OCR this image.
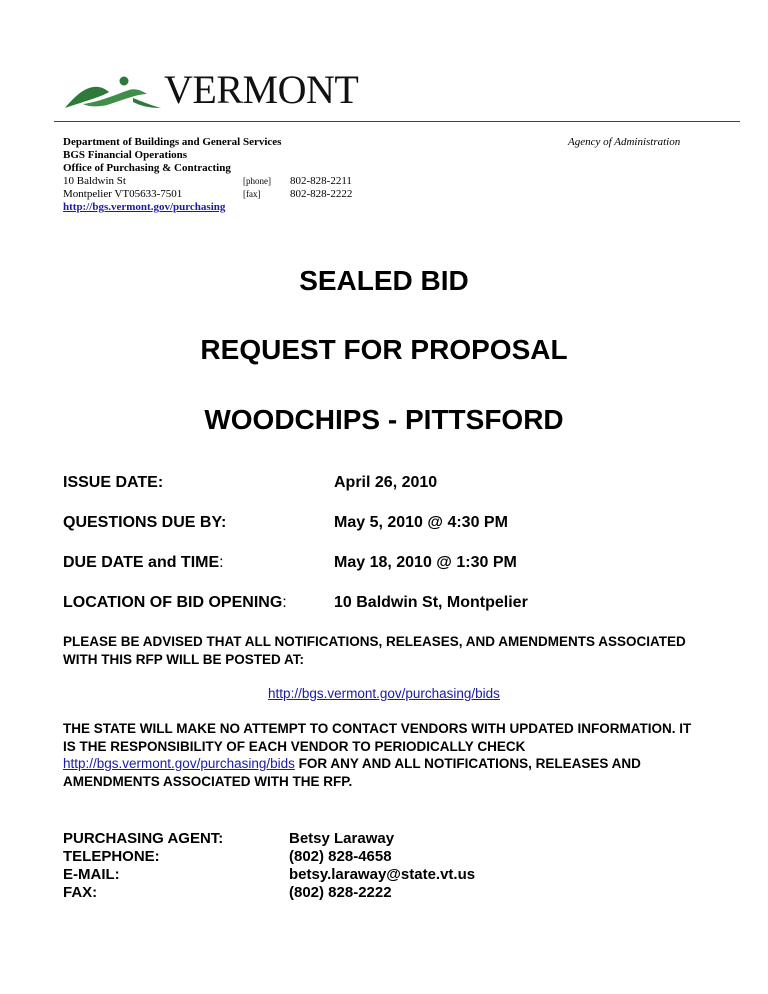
VERMONT
Department of Buildings and General Services
BGS Financial Operations
Office of Purchasing & Contracting
10 Baldwin St	[phone] 802-828-2211
Montpelier VT05633-7501	[fax]	802-828-2222
http://bgs.vermont.gov/purchasing
Agency of Administration
SEALED BID
REQUEST FOR PROPOSAL
WOODCHIPS - PITTSFORD
ISSUE DATE:	April 26, 2010
QUESTIONS DUE BY:	May 5, 2010 @ 4:30 PM
DUE DATE and TIME:	May 18, 2010 @ 1:30 PM
LOCATION OF BID OPENING:	10 Baldwin St, Montpelier
PLEASE BE ADVISED THAT ALL NOTIFICATIONS, RELEASES, AND AMENDMENTS ASSOCIATED WITH THIS RFP WILL BE POSTED AT:
http://bgs.vermont.gov/purchasing/bids
THE STATE WILL MAKE NO ATTEMPT TO CONTACT VENDORS WITH UPDATED INFORMATION. IT IS THE RESPONSIBILITY OF EACH VENDOR TO PERIODICALLY CHECK http://bgs.vermont.gov/purchasing/bids FOR ANY AND ALL NOTIFICATIONS, RELEASES AND AMENDMENTS ASSOCIATED WITH THE RFP.
PURCHASING AGENT:	Betsy Laraway
TELEPHONE:	(802) 828-4658
E-MAIL:	betsy.laraway@state.vt.us
FAX:	(802) 828-2222
